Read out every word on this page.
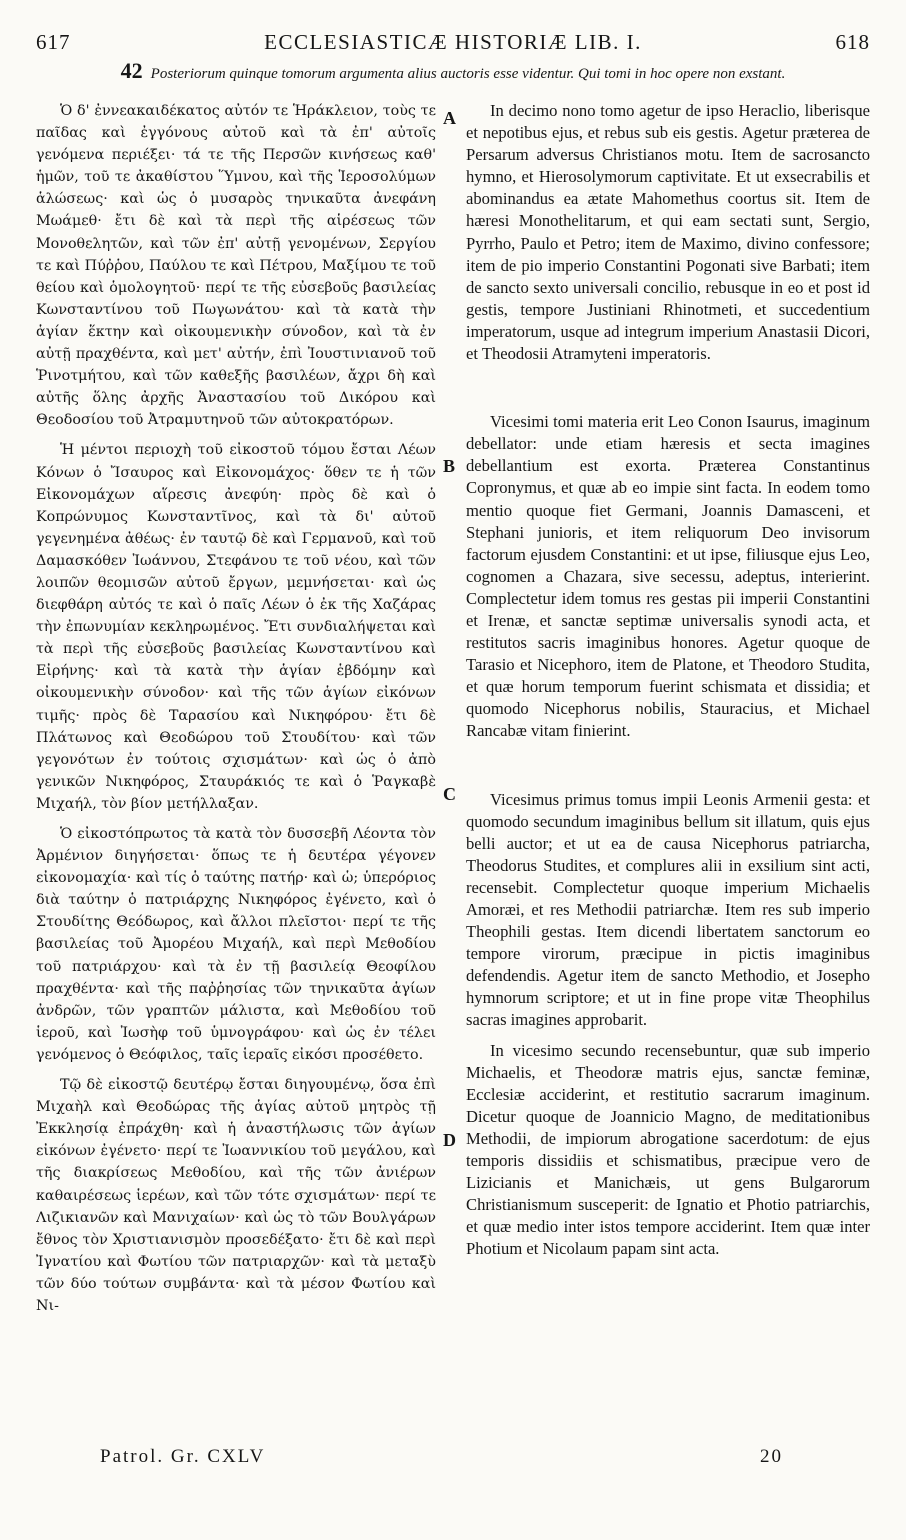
617	ECCLESIASTICÆ HISTORIÆ LIB. I.	618
42 Posteriorum quinque tomorum argumenta alius auctoris esse videntur. Qui tomi in hoc opere non exstant.

Ὁ δ' ἐννεακαιδέκατος αὐτόν τε Ἡράκλειον, τοὺς τε παῖδας καὶ ἐγγόνους αὐτοῦ καὶ τὰ ἐπ' αὐτοῖς γενόμενα περιέξει· τά τε τῆς Περσῶν κινήσεως καθ' ἡμῶν, τοῦ τε ἀκαθίστου Ὕμνου, καὶ τῆς Ἱεροσολύμων ἁλώσεως· καὶ ὡς ὁ μυσαρὸς τηνικαῦτα ἀνεφάνη Μωάμεθ· ἔτι δὲ καὶ τὰ περὶ τῆς αἱρέσεως τῶν Μονοθελητῶν, καὶ τῶν ἐπ' αὐτῇ γενομένων, Σεργίου τε καὶ Πύῤῥου, Παύλου τε καὶ Πέτρου, Μαξίμου τε τοῦ θείου καὶ ὁμολογητοῦ· περί τε τῆς εὐσεβοῦς βασιλείας Κωνσταντίνου τοῦ Πωγωνάτου· καὶ τὰ κατὰ τὴν ἁγίαν ἕκτην καὶ οἰκουμενικὴν σύνοδον, καὶ τὰ ἐν αὐτῇ πραχθέντα, καὶ μετ' αὐτήν, ἐπὶ Ἰουστινιανοῦ τοῦ Ῥινοτμήτου, καὶ τῶν καθεξῆς βασιλέων, ἄχρι δὴ καὶ αὐτῆς ὅλης ἀρχῆς Ἀναστασίου τοῦ Δικόρου καὶ Θεοδοσίου τοῦ Ἀτραμυτηνοῦ τῶν αὐτοκρατόρων.

Ἡ μέντοι περιοχὴ τοῦ εἰκοστοῦ τόμου ἔσται Λέων Κόνων ὁ Ἴσαυρος καὶ Εἰκονομάχος· ὅθεν τε ἡ τῶν Εἰκονομάχων αἵρεσις ἀνεφύη· πρὸς δὲ καὶ ὁ Κοπρώνυμος Κωνσταντῖνος, καὶ τὰ δι' αὐτοῦ γεγενημένα ἀθέως· ἐν ταυτῷ δὲ καὶ Γερμανοῦ, καὶ τοῦ Δαμασκόθεν Ἰωάννου, Στεφάνου τε τοῦ νέου, καὶ τῶν λοιπῶν θεομισῶν αὐτοῦ ἔργων, μεμνήσεται· καὶ ὡς διεφθάρη αὐτός τε καὶ ὁ παῖς Λέων ὁ ἐκ τῆς Χαζάρας τὴν ἐπωνυμίαν κεκληρωμένος. Ἔτι συνδιαλήψεται καὶ τὰ περὶ τῆς εὐσεβοῦς βασιλείας Κωνσταντίνου καὶ Εἰρήνης· καὶ τὰ κατὰ τὴν ἁγίαν ἑβδόμην καὶ οἰκουμενικὴν σύνοδον· καὶ τῆς τῶν ἁγίων εἰκόνων τιμῆς· πρὸς δὲ Ταρασίου καὶ Νικηφόρου· ἔτι δὲ Πλάτωνος καὶ Θεοδώρου τοῦ Στουδίτου· καὶ τῶν γεγονότων ἐν τούτοις σχισμάτων· καὶ ὡς ὁ ἀπὸ γενικῶν Νικηφόρος, Σταυράκιός τε καὶ ὁ Ῥαγκαβὲ Μιχαήλ, τὸν βίον μετήλλαξαν.

Ὁ εἰκοστόπρωτος τὰ κατὰ τὸν δυσσεβῆ Λέοντα τὸν Ἀρμένιον διηγήσεται· ὅπως τε ἡ δευτέρα γέγονεν εἰκονομαχία· καὶ τίς ὁ ταύτης πατήρ· καὶ ὡ; ὑπερόριος διὰ ταύτην ὁ πατριάρχης Νικηφόρος ἐγένετο, καὶ ὁ Στουδίτης Θεόδωρος, καὶ ἄλλοι πλεῖστοι· περί τε τῆς βασιλείας τοῦ Ἀμορέου Μιχαήλ, καὶ περὶ Μεθοδίου τοῦ πατριάρχου· καὶ τὰ ἐν τῇ βασιλείᾳ Θεοφίλου πραχθέντα· καὶ τῆς παῤῥησίας τῶν τηνικαῦτα ἁγίων ἀνδρῶν, τῶν γραπτῶν μάλιστα, καὶ Μεθοδίου τοῦ ἱεροῦ, καὶ Ἰωσὴφ τοῦ ὑμνογράφου· καὶ ὡς ἐν τέλει γενόμενος ὁ Θεόφιλος, ταῖς ἱεραῖς εἰκόσι προσέθετο.

Τῷ δὲ εἰκοστῷ δευτέρῳ ἔσται διηγουμένῳ, ὅσα ἐπὶ Μιχαὴλ καὶ Θεοδώρας τῆς ἁγίας αὐτοῦ μητρὸς τῇ Ἐκκλησίᾳ ἐπράχθη· καὶ ἡ ἀναστήλωσις τῶν ἁγίων εἰκόνων ἐγένετο· περί τε Ἰωαννικίου τοῦ μεγάλου, καὶ τῆς διακρίσεως Μεθοδίου, καὶ τῆς τῶν ἀνιέρων καθαιρέσεως ἱερέων, καὶ τῶν τότε σχισμάτων· περί τε Λιζικιανῶν καὶ Μανιχαίων· καὶ ὡς τὸ τῶν Βουλγάρων ἔθνος τὸν Χριστιανισμὸν προσεδέξατο· ἔτι δὲ καὶ περὶ Ἰγνατίου καὶ Φωτίου τῶν πατριαρχῶν· καὶ τὰ μεταξὺ τῶν δύο τούτων συμβάντα· καὶ τὰ μέσον Φωτίου καὶ Νι-

A
B
C
D

In decimo nono tomo agetur de ipso Heraclio, liberisque et nepotibus ejus, et rebus sub eis gestis. Agetur præterea de Persarum adversus Christianos motu. Item de sacrosancto hymno, et Hierosolymorum captivitate. Et ut exsecrabilis et abominandus ea ætate Mahomethus coortus sit. Item de hæresi Monothelitarum, et qui eam sectati sunt, Sergio, Pyrrho, Paulo et Petro; item de Maximo, divino confessore; item de pio imperio Constantini Pogonati sive Barbati; item de sancto sexto universali concilio, rebusque in eo et post id gestis, tempore Justiniani Rhinotmeti, et succedentium imperatorum, usque ad integrum imperium Anastasii Dicori, et Theodosii Atramyteni imperatoris.

Vicesimi tomi materia erit Leo Conon Isaurus, imaginum debellator: unde etiam hæresis et secta imagines debellantium est exorta. Præterea Constantinus Copronymus, et quæ ab eo impie sint facta. In eodem tomo mentio quoque fiet Germani, Joannis Damasceni, et Stephani junioris, et item reliquorum Deo invisorum factorum ejusdem Constantini: et ut ipse, filiusque ejus Leo, cognomen a Chazara, sive secessu, adeptus, interierint. Complectetur idem tomus res gestas pii imperii Constantini et Irenæ, et sanctæ septimæ universalis synodi acta, et restitutos sacris imaginibus honores. Agetur quoque de Tarasio et Nicephoro, item de Platone, et Theodoro Studita, et quæ horum temporum fuerint schismata et dissidia; et quomodo Nicephorus nobilis, Stauracius, et Michael Rancabæ vitam finierint.

Vicesimus primus tomus impii Leonis Armenii gesta: et quomodo secundum imaginibus bellum sit illatum, quis ejus belli auctor; et ut ea de causa Nicephorus patriarcha, Theodorus Studites, et complures alii in exsilium sint acti, recensebit. Complectetur quoque imperium Michaelis Amoræi, et res Methodii patriarchæ. Item res sub imperio Theophili gestas. Item dicendi libertatem sanctorum eo tempore virorum, præcipue in pictis imaginibus defendendis. Agetur item de sancto Methodio, et Josepho hymnorum scriptore; et ut in fine prope vitæ Theophilus sacras imagines approbarit.

In vicesimo secundo recensebuntur, quæ sub imperio Michaelis, et Theodoræ matris ejus, sanctæ feminæ, Ecclesiæ acciderint, et restitutio sacrarum imaginum. Dicetur quoque de Joannicio Magno, de meditationibus Methodii, de impiorum abrogatione sacerdotum: de ejus temporis dissidiis et schismatibus, præcipue vero de Lizicianis et Manichæis, ut gens Bulgarorum Christianismum susceperit: de Ignatio et Photio patriarchis, et quæ medio inter istos tempore acciderint. Item quæ inter Photium et Nicolaum papam sint acta.

Patrol. Gr. CXLV	20
